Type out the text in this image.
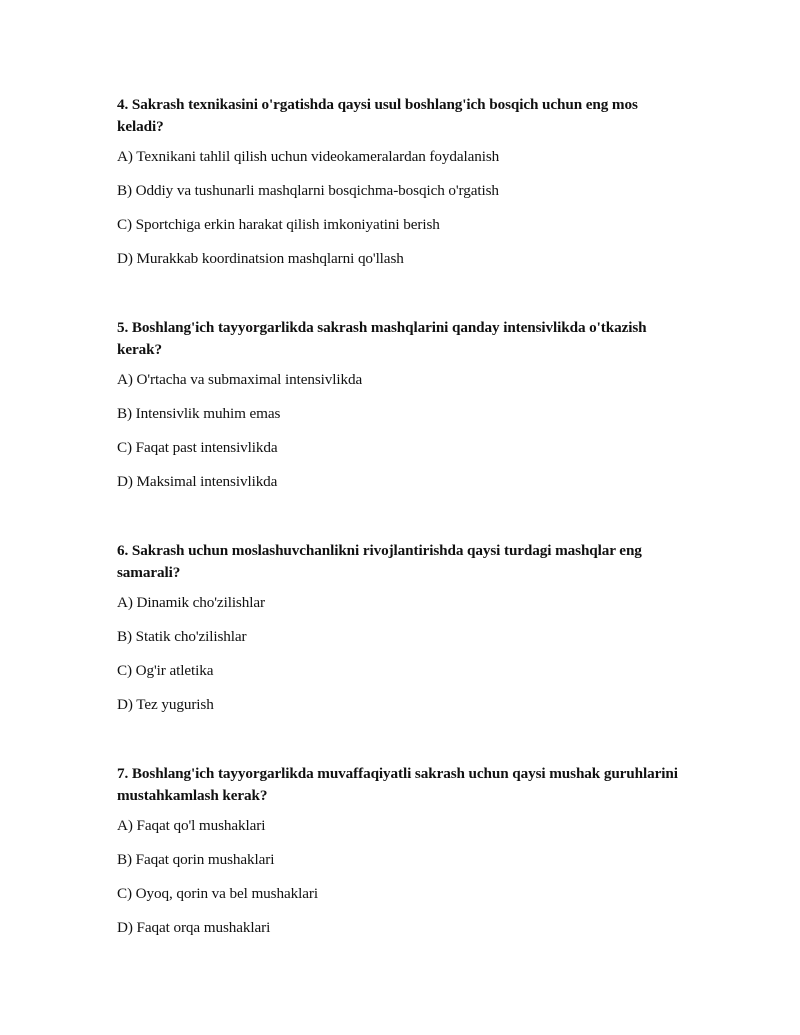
4. Sakrash texnikasini o'rgatishda qaysi usul boshlang'ich bosqich uchun eng mos keladi?

A) Texnikani tahlil qilish uchun videokameralardan foydalanish

B) Oddiy va tushunarli mashqlarni bosqichma-bosqich o'rgatish

C) Sportchiga erkin harakat qilish imkoniyatini berish

D) Murakkab koordinatsion mashqlarni qo'llash

5. Boshlang'ich tayyorgarlikda sakrash mashqlarini qanday intensivlikda o'tkazish kerak?

A) O'rtacha va submaximal intensivlikda

B) Intensivlik muhim emas

C) Faqat past intensivlikda

D) Maksimal intensivlikda

6. Sakrash uchun moslashuvchanlikni rivojlantirishda qaysi turdagi mashqlar eng samarali?

A) Dinamik cho'zilishlar

B) Statik cho'zilishlar

C) Og'ir atletika

D) Tez yugurish

7. Boshlang'ich tayyorgarlikda muvaffaqiyatli sakrash uchun qaysi mushak guruhlarini mustahkamlash kerak?

A) Faqat qo'l mushaklari

B) Faqat qorin mushaklari

C) Oyoq, qorin va bel mushaklari

D) Faqat orqa mushaklari
